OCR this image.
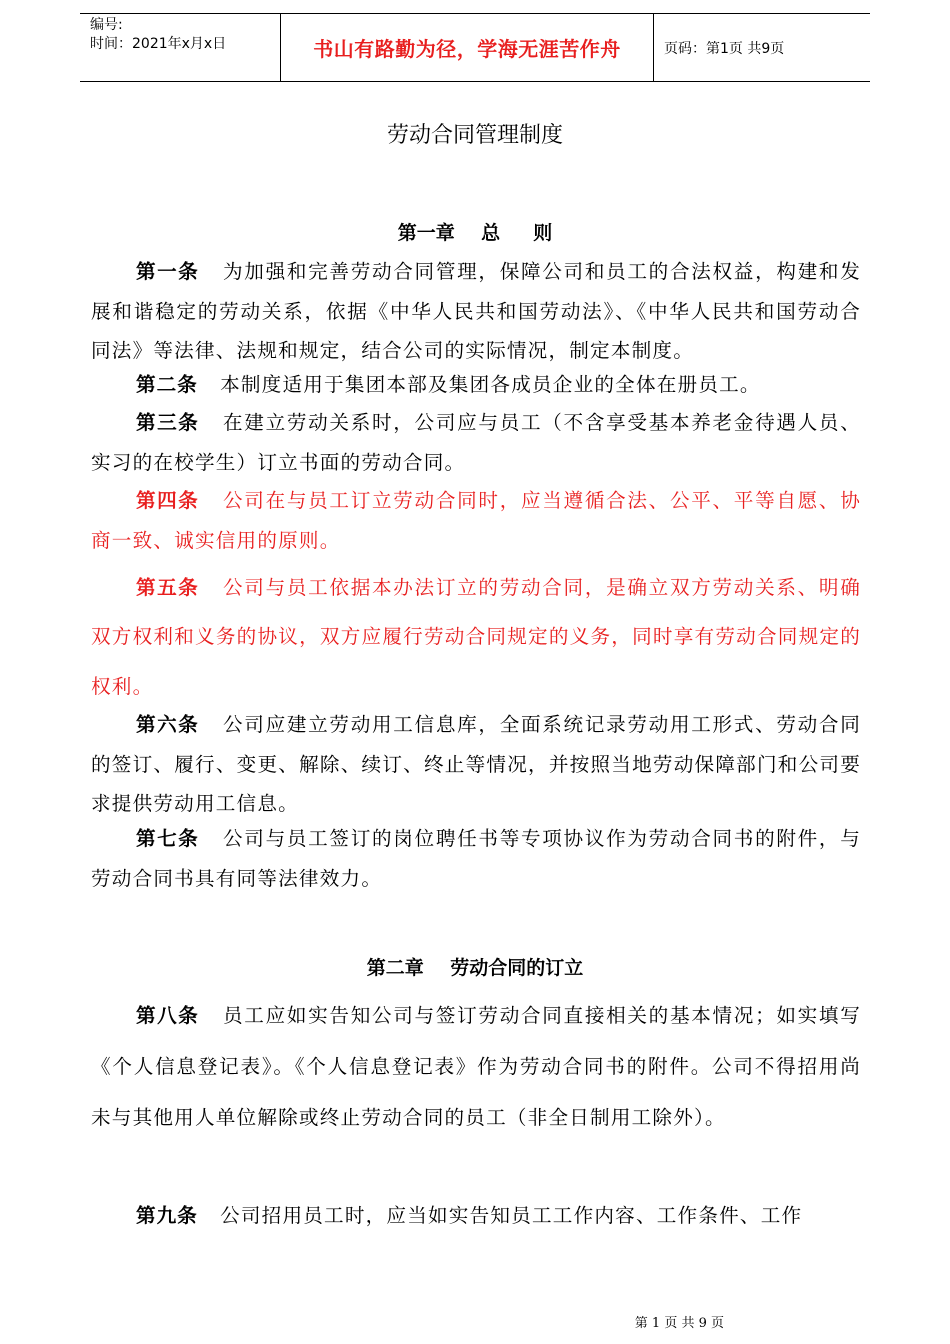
编号:
时间：2021年x月x日	书山有路勤为径，学海无涯苦作舟	页码：第1页 共9页
劳动合同管理制度
第一章    总     则
第一条 为加强和完善劳动合同管理，保障公司和员工的合法权益，构建和发展和谐稳定的劳动关系，依据《中华人民共和国劳动法》、《中华人民共和国劳动合同法》等法律、法规和规定，结合公司的实际情况，制定本制度。
第二条 本制度适用于集团本部及集团各成员企业的全体在册员工。
第三条 在建立劳动关系时，公司应与员工（不含享受基本养老金待遇人员、实习的在校学生）订立书面的劳动合同。
第四条 公司在与员工订立劳动合同时，应当遵循合法、公平、平等自愿、协商一致、诚实信用的原则。
第五条 公司与员工依据本办法订立的劳动合同，是确立双方劳动关系、明确双方权利和义务的协议，双方应履行劳动合同规定的义务，同时享有劳动合同规定的权利。
第六条 公司应建立劳动用工信息库，全面系统记录劳动用工形式、劳动合同的签订、履行、变更、解除、续订、终止等情况，并按照当地劳动保障部门和公司要求提供劳动用工信息。
第七条 公司与员工签订的岗位聘任书等专项协议作为劳动合同书的附件，与劳动合同书具有同等法律效力。
第二章    劳动合同的订立
第八条 员工应如实告知公司与签订劳动合同直接相关的基本情况；如实填写《个人信息登记表》。《个人信息登记表》作为劳动合同书的附件。公司不得招用尚未与其他用人单位解除或终止劳动合同的员工（非全日制用工除外）。
第九条 公司招用员工时，应当如实告知员工工作内容、工作条件、工作
第 1 页 共 9 页
